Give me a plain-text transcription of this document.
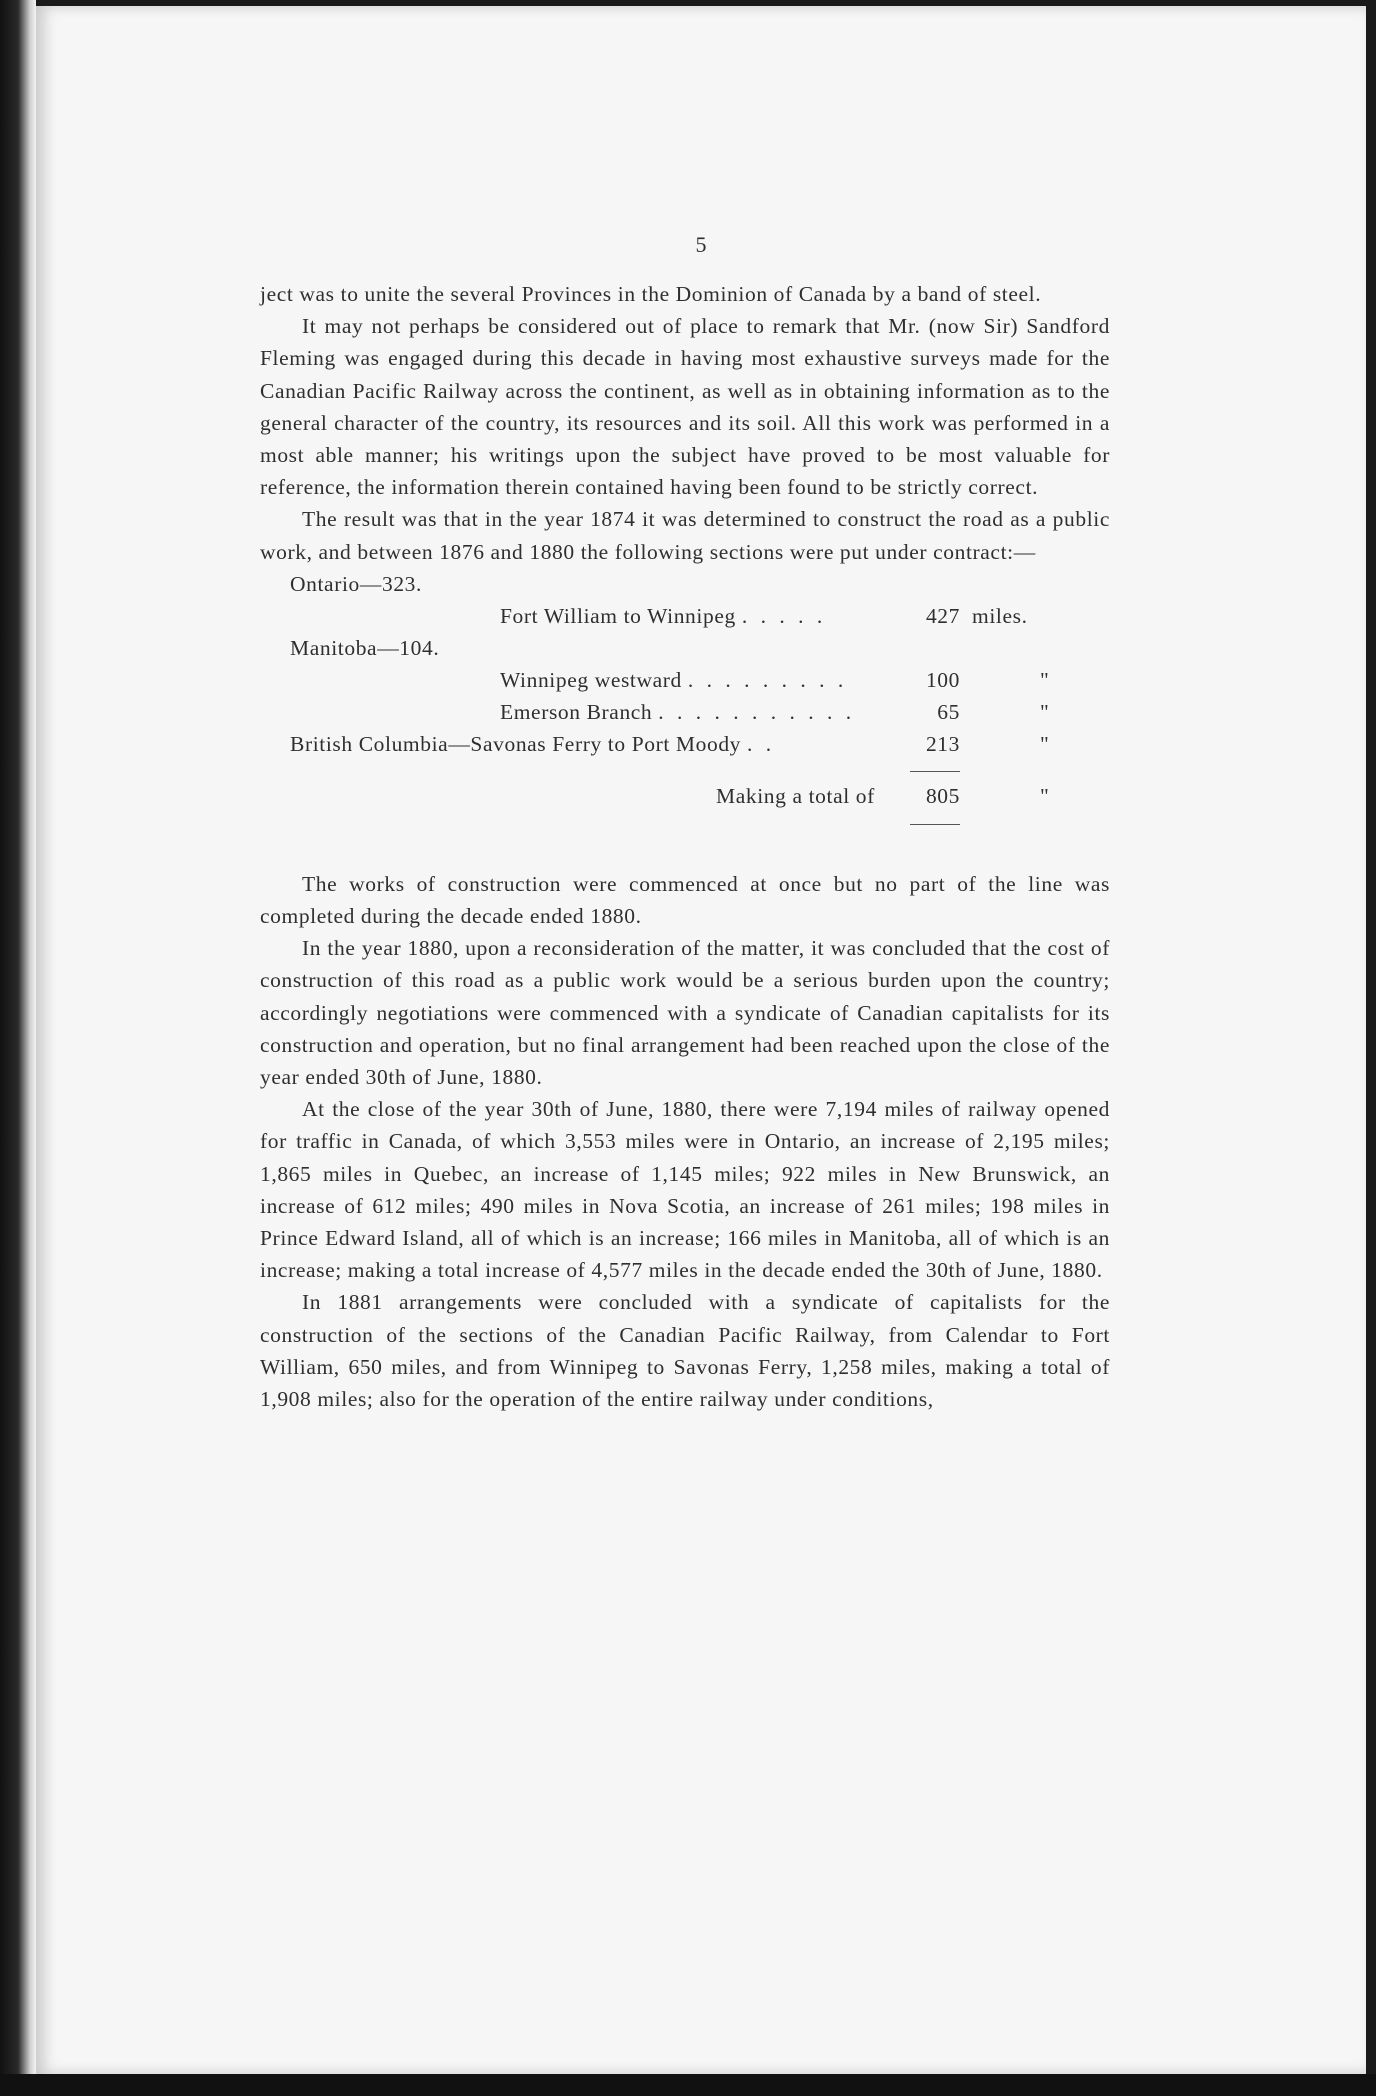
5

ject was to unite the several Provinces in the Dominion of Canada by a band of steel.

It may not perhaps be considered out of place to remark that Mr. (now Sir) Sandford Fleming was engaged during this decade in having most exhaustive surveys made for the Canadian Pacific Railway across the continent, as well as in obtaining information as to the general character of the country, its resources and its soil. All this work was performed in a most able manner; his writings upon the subject have proved to be most valuable for reference, the information therein contained having been found to be strictly correct.

The result was that in the year 1874 it was determined to construct the road as a public work, and between 1876 and 1880 the following sections were put under contract:—

Ontario—323.
Fort William to Winnipeg . . . . .	427 miles.
Manitoba—104.
Winnipeg westward . . . . . . . . .	100	"
Emerson Branch . . . . . . . . . . .	65	"
British Columbia—Savonas Ferry to Port Moody . .	213	"
Making a total of	805	"

The works of construction were commenced at once but no part of the line was completed during the decade ended 1880.

In the year 1880, upon a reconsideration of the matter, it was concluded that the cost of construction of this road as a public work would be a serious burden upon the country; accordingly negotiations were commenced with a syndicate of Canadian capitalists for its construction and operation, but no final arrangement had been reached upon the close of the year ended 30th of June, 1880.

At the close of the year 30th of June, 1880, there were 7,194 miles of railway opened for traffic in Canada, of which 3,553 miles were in Ontario, an increase of 2,195 miles; 1,865 miles in Quebec, an increase of 1,145 miles; 922 miles in New Brunswick, an increase of 612 miles; 490 miles in Nova Scotia, an increase of 261 miles; 198 miles in Prince Edward Island, all of which is an increase; 166 miles in Manitoba, all of which is an increase; making a total increase of 4,577 miles in the decade ended the 30th of June, 1880.

In 1881 arrangements were concluded with a syndicate of capitalists for the construction of the sections of the Canadian Pacific Railway, from Calendar to Fort William, 650 miles, and from Winnipeg to Savonas Ferry, 1,258 miles, making a total of 1,908 miles; also for the operation of the entire railway under conditions,
